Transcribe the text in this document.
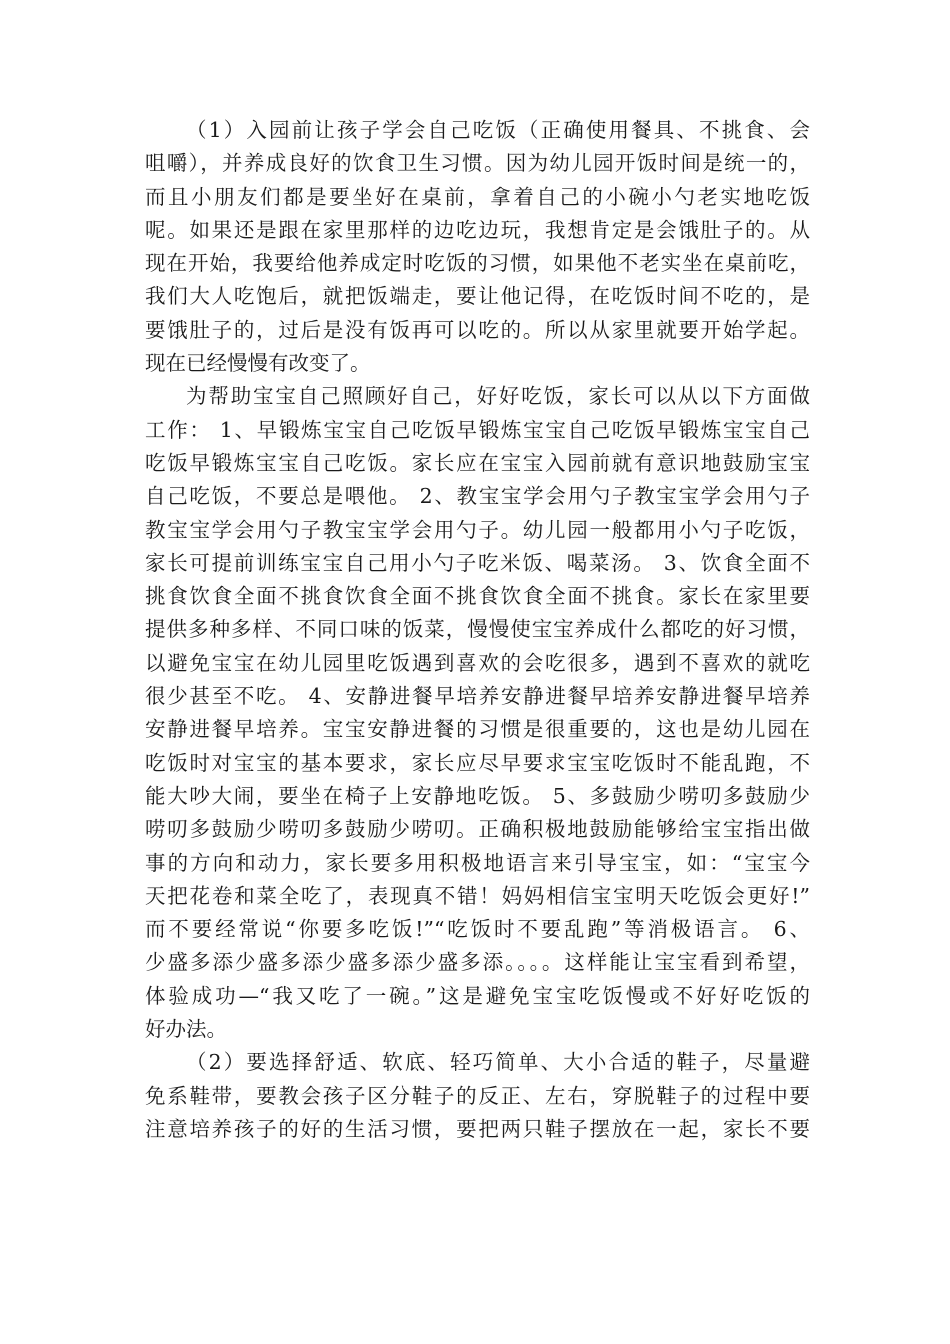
（1）入园前让孩子学会自己吃饭（正确使用餐具、不挑食、会
咀嚼），并养成良好的饮食卫生习惯。因为幼儿园开饭时间是统一的，
而且小朋友们都是要坐好在桌前，拿着自己的小碗小勺老实地吃饭
呢。如果还是跟在家里那样的边吃边玩，我想肯定是会饿肚子的。从
现在开始，我要给他养成定时吃饭的习惯，如果他不老实坐在桌前吃，
我们大人吃饱后，就把饭端走，要让他记得，在吃饭时间不吃的，是
要饿肚子的，过后是没有饭再可以吃的。所以从家里就要开始学起。
现在已经慢慢有改变了。
为帮助宝宝自己照顾好自己，好好吃饭，家长可以从以下方面做
工作： 1、早锻炼宝宝自己吃饭早锻炼宝宝自己吃饭早锻炼宝宝自己
吃饭早锻炼宝宝自己吃饭。家长应在宝宝入园前就有意识地鼓励宝宝
自己吃饭，不要总是喂他。 2、教宝宝学会用勺子教宝宝学会用勺子
教宝宝学会用勺子教宝宝学会用勺子。幼儿园一般都用小勺子吃饭，
家长可提前训练宝宝自己用小勺子吃米饭、喝菜汤。 3、饮食全面不
挑食饮食全面不挑食饮食全面不挑食饮食全面不挑食。家长在家里要
提供多种多样、不同口味的饭菜，慢慢使宝宝养成什么都吃的好习惯，
以避免宝宝在幼儿园里吃饭遇到喜欢的会吃很多，遇到不喜欢的就吃
很少甚至不吃。 4、安静进餐早培养安静进餐早培养安静进餐早培养
安静进餐早培养。宝宝安静进餐的习惯是很重要的，这也是幼儿园在
吃饭时对宝宝的基本要求，家长应尽早要求宝宝吃饭时不能乱跑，不
能大吵大闹，要坐在椅子上安静地吃饭。 5、多鼓励少唠叨多鼓励少
唠叨多鼓励少唠叨多鼓励少唠叨。正确积极地鼓励能够给宝宝指出做
事的方向和动力，家长要多用积极地语言来引导宝宝，如：“宝宝今
天把花卷和菜全吃了，表现真不错！妈妈相信宝宝明天吃饭会更好!”
而不要经常说“你要多吃饭!”“吃饭时不要乱跑”等消极语言。 6、
少盛多添少盛多添少盛多添少盛多添。。。。这样能让宝宝看到希望，
体验成功—“我又吃了一碗。”这是避免宝宝吃饭慢或不好好吃饭的
好办法。
（2）要选择舒适、软底、轻巧简单、大小合适的鞋子，尽量避
免系鞋带，要教会孩子区分鞋子的反正、左右，穿脱鞋子的过程中要
注意培养孩子的好的生活习惯，要把两只鞋子摆放在一起，家长不要
